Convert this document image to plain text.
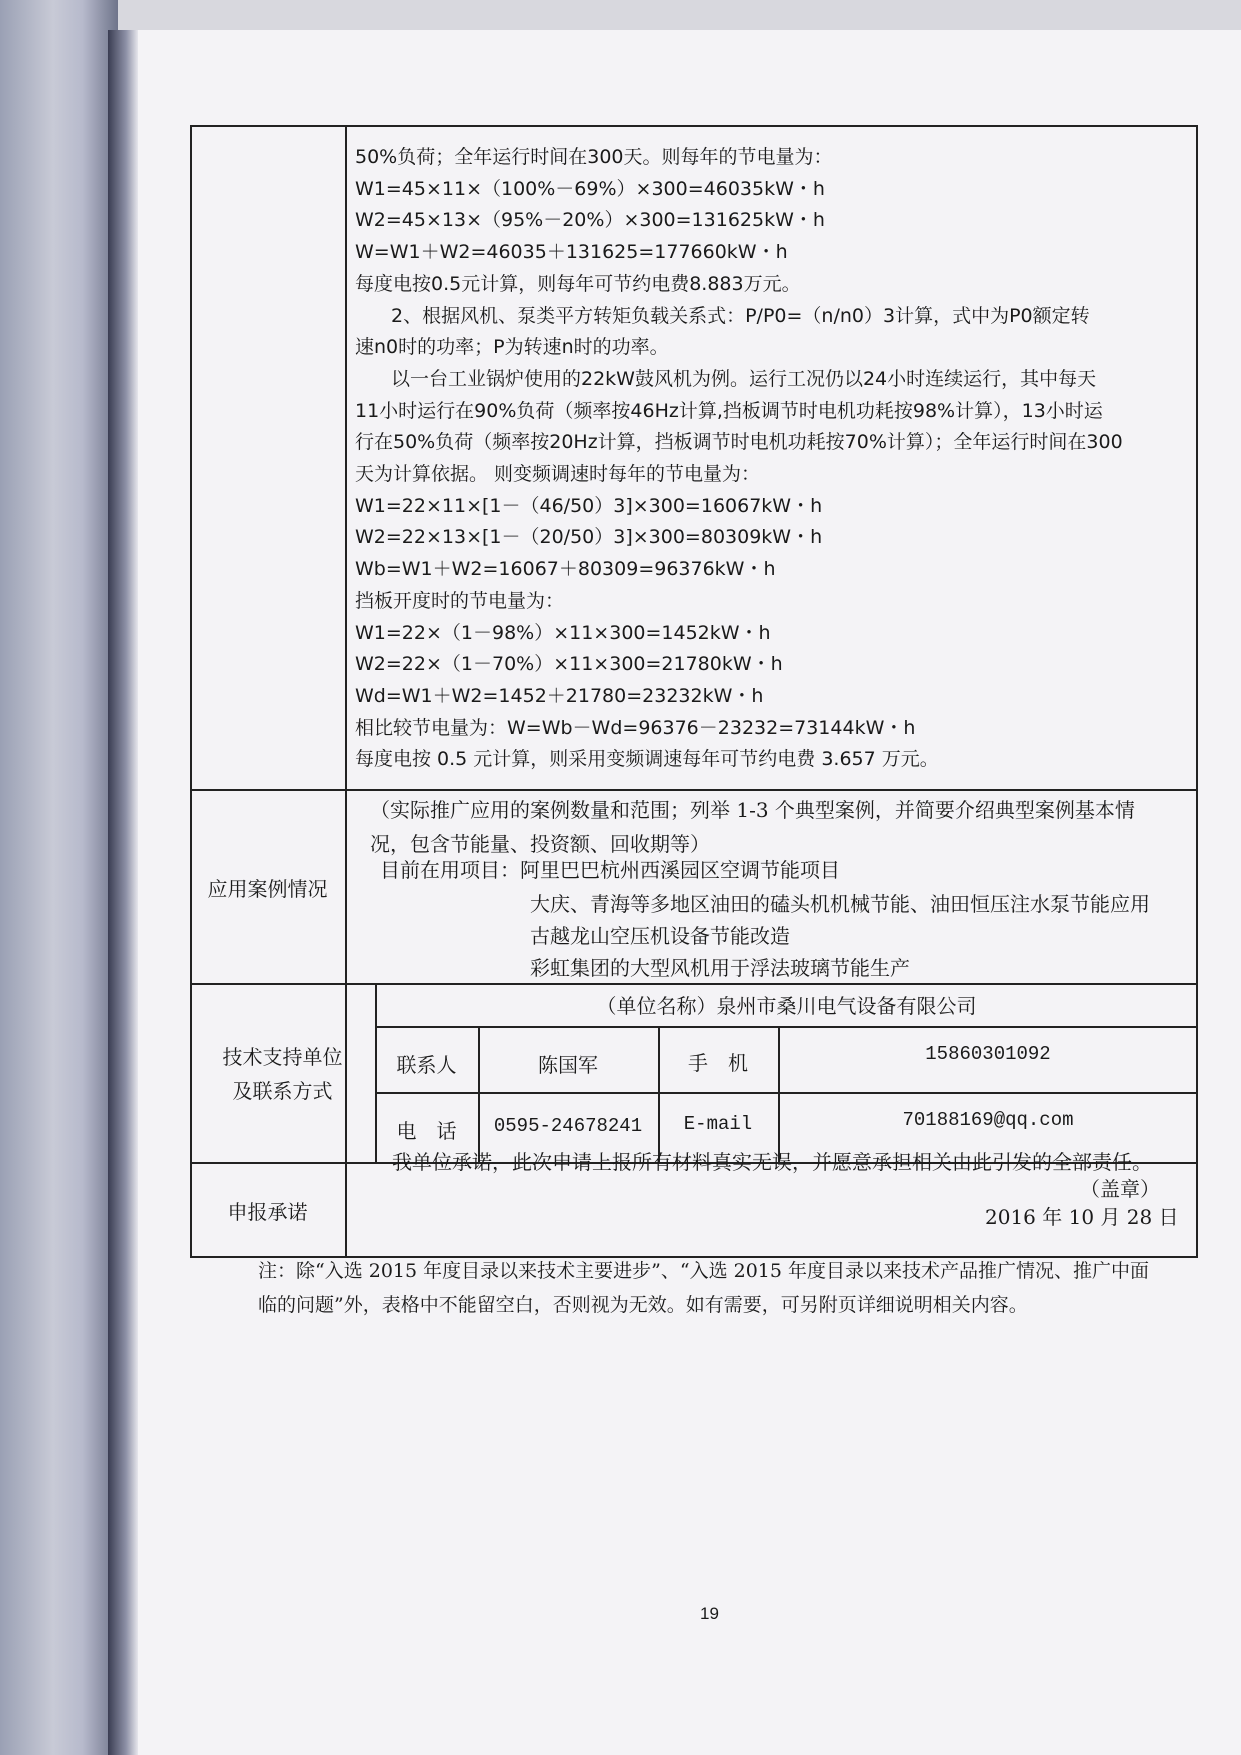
50%负荷；全年运行时间在300天。则每年的节电量为：
W1=45×11×（100%－69%）×300=46035kW・h
W2=45×13×（95%－20%）×300=131625kW・h
W=W1＋W2=46035＋131625=177660kW・h
每度电按0.5元计算，则每年可节约电费8.883万元。
2、根据风机、泵类平方转矩负载关系式：P/P0=（n/n0）3计算，式中为P0额定转
速n0时的功率；P为转速n时的功率。
以一台工业锅炉使用的22kW鼓风机为例。运行工况仍以24小时连续运行，其中每天
11小时运行在90%负荷（频率按46Hz计算,挡板调节时电机功耗按98%计算），13小时运
行在50%负荷（频率按20Hz计算，挡板调节时电机功耗按70%计算）；全年运行时间在300
天为计算依据。 则变频调速时每年的节电量为：
W1=22×11×[1－（46/50）3]×300=16067kW・h
W2=22×13×[1－（20/50）3]×300=80309kW・h
Wb=W1＋W2=16067＋80309=96376kW・h
挡板开度时的节电量为：
W1=22×（1－98%）×11×300=1452kW・h
W2=22×（1－70%）×11×300=21780kW・h
Wd=W1＋W2=1452＋21780=23232kW・h
相比较节电量为：W=Wb－Wd=96376－23232=73144kW・h
每度电按 0.5 元计算，则采用变频调速每年可节约电费 3.657 万元。
应用案例情况
（实际推广应用的案例数量和范围；列举 1-3 个典型案例，并简要介绍典型案例基本情
况，包含节能量、投资额、回收期等）
目前在用项目：阿里巴巴杭州西溪园区空调节能项目
大庆、青海等多地区油田的磕头机机械节能、油田恒压注水泵节能应用
古越龙山空压机设备节能改造
彩虹集团的大型风机用于浮法玻璃节能生产
技术支持单位
及联系方式
（单位名称）泉州市桑川电气设备有限公司
联系人	陈国军	手　机	15860301092
电　话	0595-24678241	E-mail	70188169@qq.com
申报承诺
我单位承诺，此次申请上报所有材料真实无误，并愿意承担相关由此引发的全部责任。
（盖章）
2016 年 10 月 28 日
注：除“入选 2015 年度目录以来技术主要进步”、“入选 2015 年度目录以来技术产品推广情况、推广中面临的问题”外，表格中不能留空白，否则视为无效。如有需要，可另附页详细说明相关内容。
19
